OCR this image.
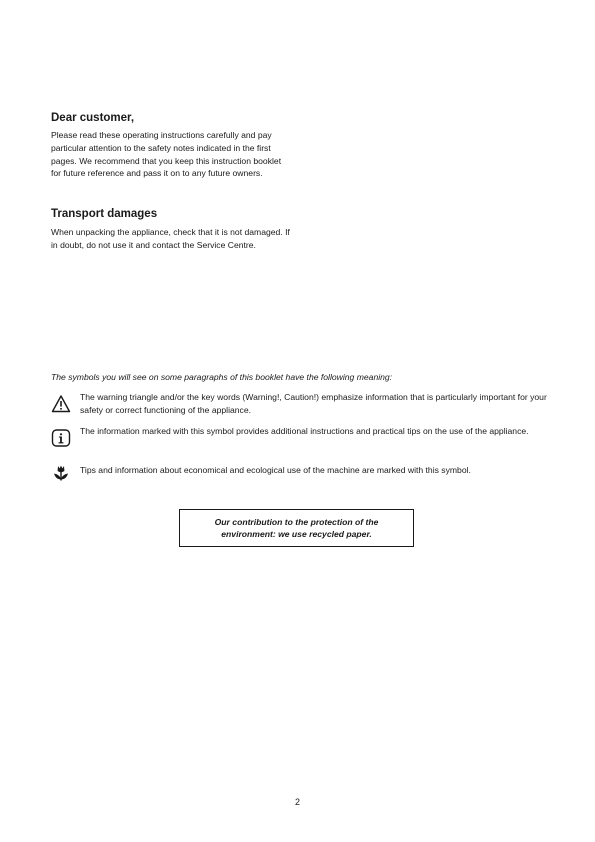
Dear customer,

Please read these operating instructions carefully and pay particular attention to the safety notes indicated in the first pages. We recommend that you keep this instruction booklet for future reference and pass it on to any future owners.

Transport damages

When unpacking the appliance, check that it is not damaged. If in doubt, do not use it and contact the Service Centre.

The symbols you will see on some paragraphs of this booklet have the following meaning:

The warning triangle and/or the key words (Warning!, Caution!) emphasize information that is particularly important for your safety or correct functioning of the appliance.

The information marked with this symbol provides additional instructions and practical tips on the use of the appliance.

Tips and information about economical and ecological use of the machine are marked with this symbol.

Our contribution to the protection of the environment: we use recycled paper.
2
